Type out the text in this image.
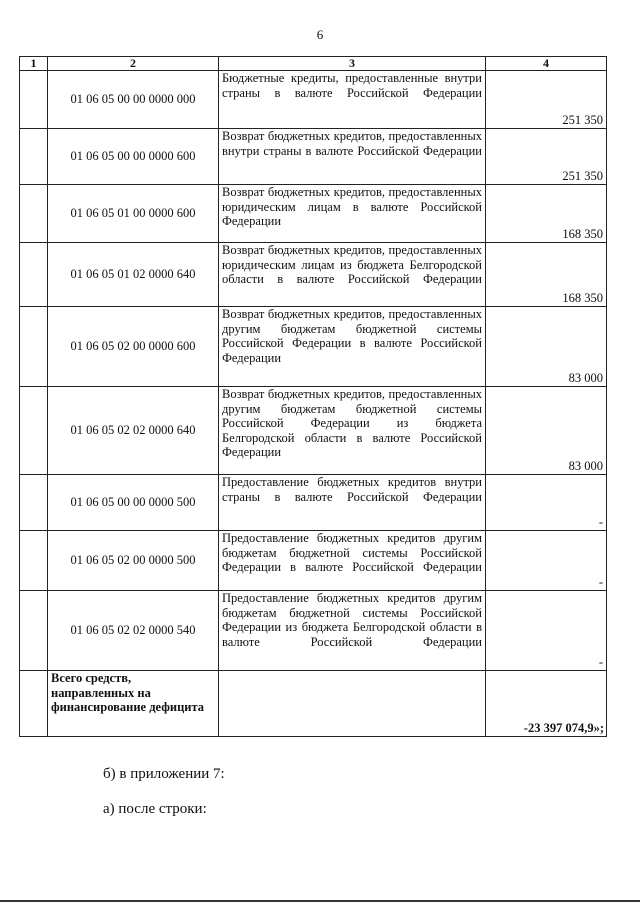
6
1	2	3	4
	01 06 05 00 00 0000 000	Бюджетные кредиты, предоставленные внутри страны в валюте Российской Федерации	251 350
	01 06 05 00 00 0000 600	Возврат бюджетных кредитов, предоставленных внутри страны в валюте Российской Федерации	251 350
	01 06 05 01 00 0000 600	Возврат бюджетных кредитов, предоставленных юридическим лицам в валюте Российской Федерации	168 350
	01 06 05 01 02 0000 640	Возврат бюджетных кредитов, предоставленных юридическим лицам из бюджета Белгородской области в валюте Российской Федерации	168 350
	01 06 05 02 00 0000 600	Возврат бюджетных кредитов, предоставленных другим бюджетам бюджетной системы Российской Федерации в валюте Российской Федерации	83 000
	01 06 05 02 02 0000 640	Возврат бюджетных кредитов, предоставленных другим бюджетам бюджетной системы Российской Федерации из бюджета Белгородской области в валюте Российской Федерации	83 000
	01 06 05 00 00 0000 500	Предоставление бюджетных кредитов внутри страны в валюте Российской Федерации	-
	01 06 05 02 00 0000 500	Предоставление бюджетных кредитов другим бюджетам бюджетной системы Российской Федерации в валюте Российской Федерации	-
	01 06 05 02 02 0000 540	Предоставление бюджетных кредитов другим бюджетам бюджетной системы Российской Федерации из бюджета Белгородской области в валюте Российской Федерации	-
	Всего средств, направленных на финансирование дефицита		-23 397 074,9»;
б) в приложении 7:
а) после строки:
